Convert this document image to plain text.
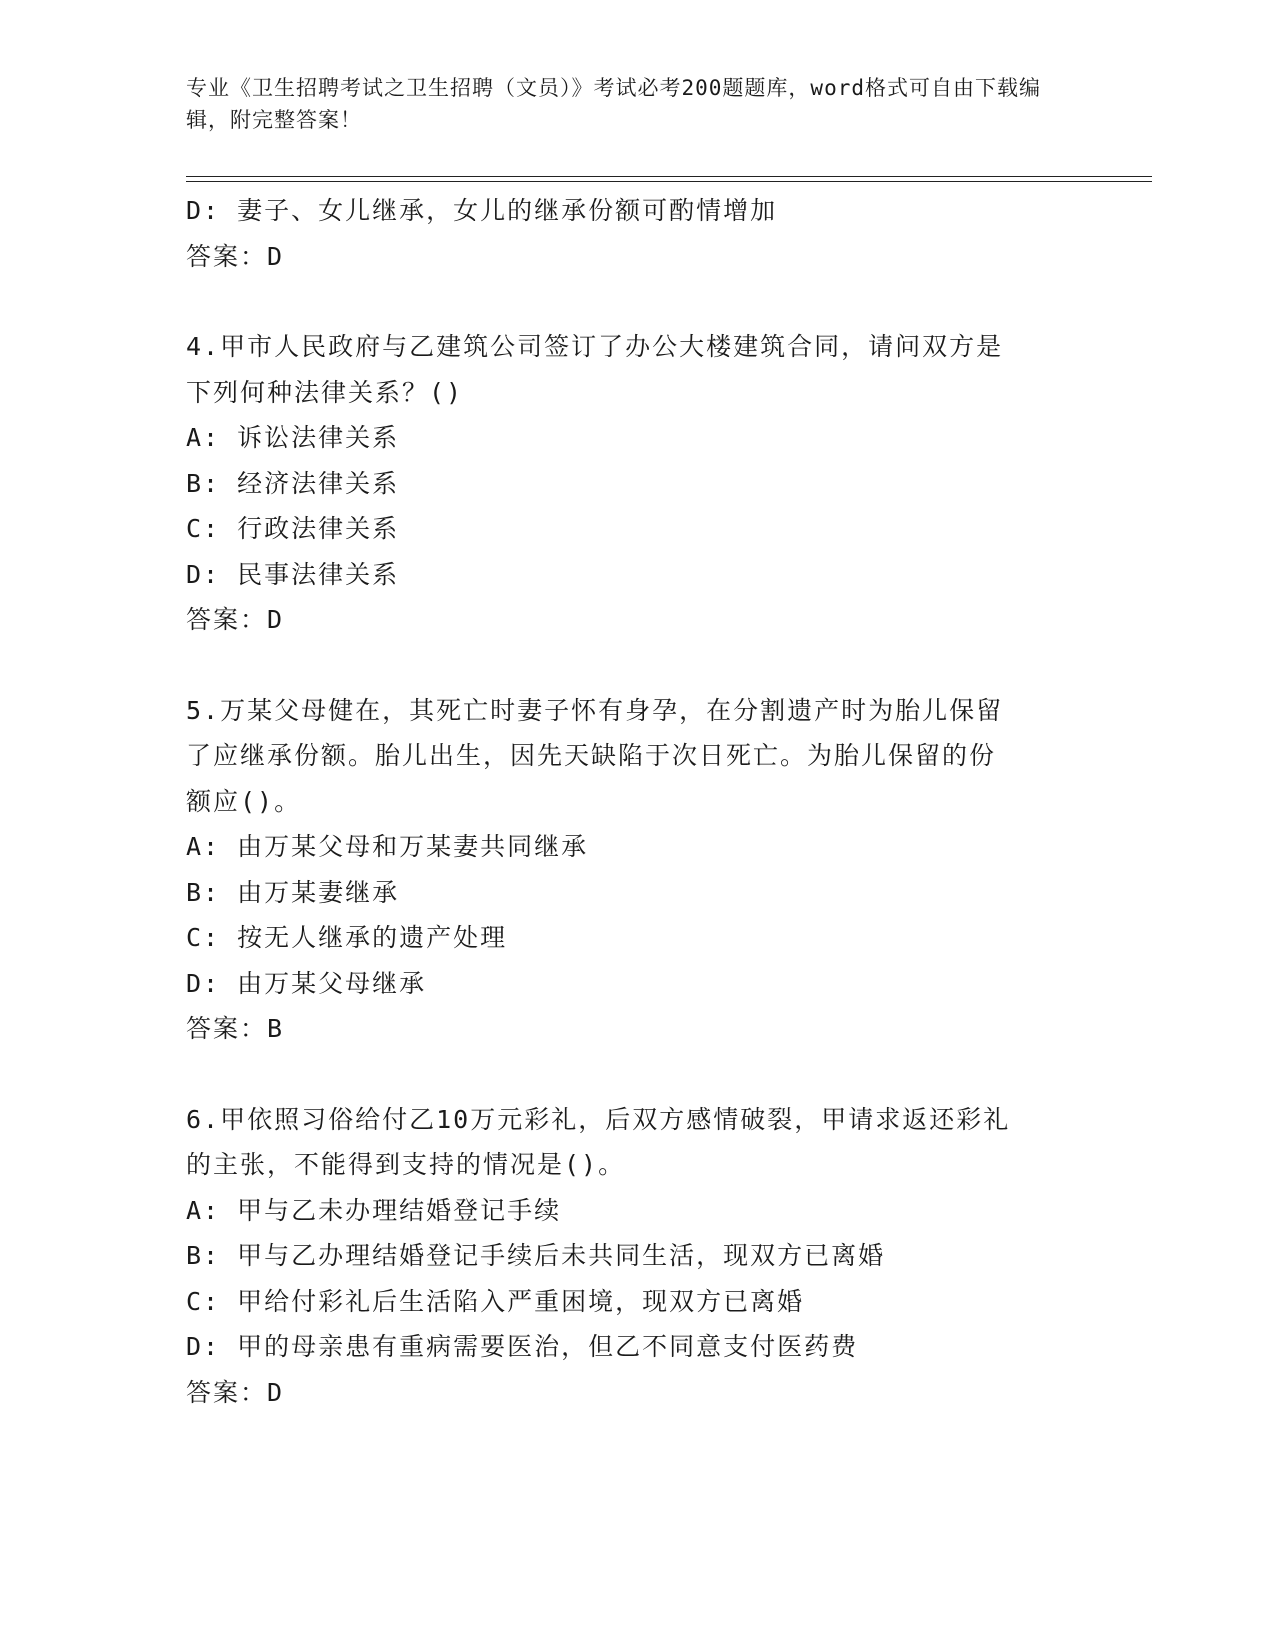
专业《卫生招聘考试之卫生招聘（文员）》考试必考200题题库，word格式可自由下载编辑，附完整答案！
D: 妻子、女儿继承，女儿的继承份额可酌情增加
答案：D
4.甲市人民政府与乙建筑公司签订了办公大楼建筑合同，请问双方是
下列何种法律关系？()
A: 诉讼法律关系
B: 经济法律关系
C: 行政法律关系
D: 民事法律关系
答案：D
5.万某父母健在，其死亡时妻子怀有身孕，在分割遗产时为胎儿保留
了应继承份额。胎儿出生，因先天缺陷于次日死亡。为胎儿保留的份
额应()。
A: 由万某父母和万某妻共同继承
B: 由万某妻继承
C: 按无人继承的遗产处理
D: 由万某父母继承
答案：B
6.甲依照习俗给付乙10万元彩礼，后双方感情破裂，甲请求返还彩礼
的主张，不能得到支持的情况是()。
A: 甲与乙未办理结婚登记手续
B: 甲与乙办理结婚登记手续后未共同生活，现双方已离婚
C: 甲给付彩礼后生活陷入严重困境，现双方已离婚
D: 甲的母亲患有重病需要医治，但乙不同意支付医药费
答案：D
